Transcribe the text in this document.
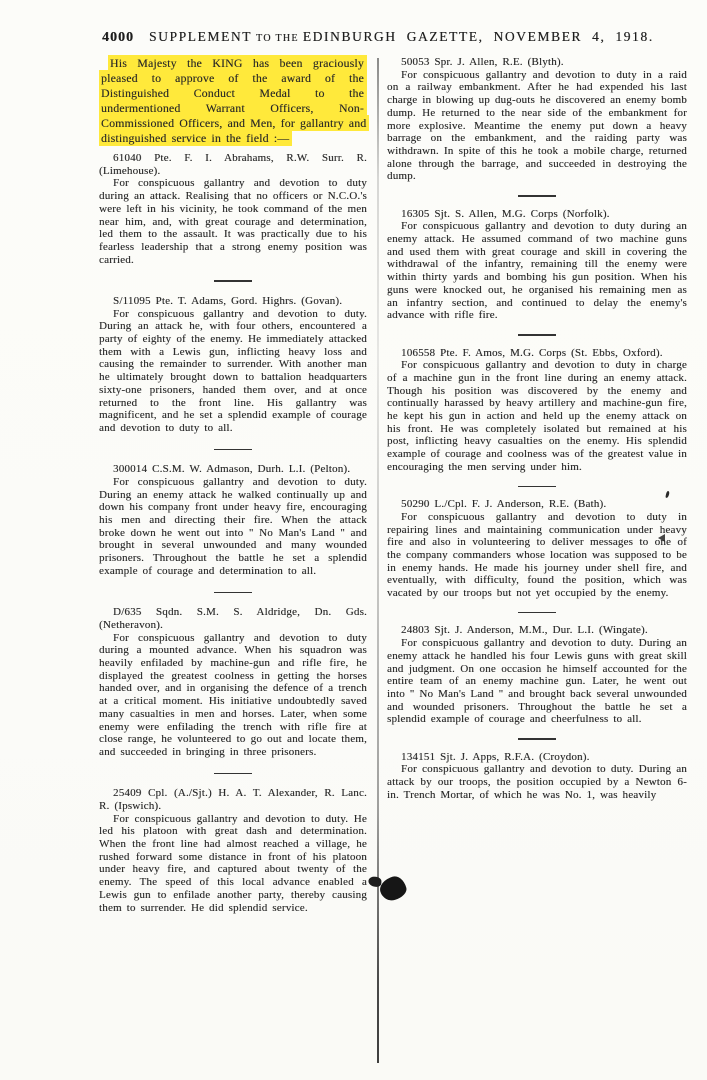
4000 SUPPLEMENT TO THE EDINBURGH GAZETTE, NOVEMBER 4, 1918.

His Majesty the KING has been graciously pleased to approve of the award of the Distinguished Conduct Medal to the undermentioned Warrant Officers, Non-Commissioned Officers, and Men, for gallantry and distinguished service in the field :—

61040 Pte. F. I. Abrahams, R.W. Surr. R. (Limehouse).

For conspicuous gallantry and devotion to duty during an attack. Realising that no officers or N.C.O.'s were left in his vicinity, he took command of the men near him, and, with great courage and determination, led them to the assault. It was practically due to his fearless leadership that a strong enemy position was carried.

S/11095 Pte. T. Adams, Gord. Highrs. (Govan).

For conspicuous gallantry and devotion to duty. During an attack he, with four others, encountered a party of eighty of the enemy. He immediately attacked them with a Lewis gun, inflicting heavy loss and causing the remainder to surrender. With another man he ultimately brought down to battalion headquarters sixty-one prisoners, handed them over, and at once returned to the front line. His gallantry was magnificent, and he set a splendid example of courage and devotion to duty to all.

300014 C.S.M. W. Admason, Durh. L.I. (Pelton).

For conspicuous gallantry and devotion to duty. During an enemy attack he walked continually up and down his company front under heavy fire, encouraging his men and directing their fire. When the attack broke down he went out into " No Man's Land " and brought in several unwounded and many wounded prisoners. Throughout the battle he set a splendid example of courage and determination to all.

D/635 Sqdn. S.M. S. Aldridge, Dn. Gds. (Netheravon).

For conspicuous gallantry and devotion to duty during a mounted advance. When his squadron was heavily enfiladed by machine-gun and rifle fire, he displayed the greatest coolness in getting the horses handed over, and in organising the defence of a trench at a critical moment. His initiative undoubtedly saved many casualties in men and horses. Later, when some enemy were enfilading the trench with rifle fire at close range, he volunteered to go out and locate them, and succeeded in bringing in three prisoners.

25409 Cpl. (A./Sjt.) H. A. T. Alexander, R. Lanc. R. (Ipswich).

For conspicuous gallantry and devotion to duty. He led his platoon with great dash and determination. When the front line had almost reached a village, he rushed forward some distance in front of his platoon under heavy fire, and captured about twenty of the enemy. The speed of this local advance enabled a Lewis gun to enfilade another party, thereby causing them to surrender. He did splendid service.

50053 Spr. J. Allen, R.E. (Blyth).

For conspicuous gallantry and devotion to duty in a raid on a railway embankment. After he had expended his last charge in blowing up dug-outs he discovered an enemy bomb dump. He returned to the near side of the embankment for more explosive. Meantime the enemy put down a heavy barrage on the embankment, and the raiding party was withdrawn. In spite of this he took a mobile charge, returned alone through the barrage, and succeeded in destroying the dump.

16305 Sjt. S. Allen, M.G. Corps (Norfolk).

For conspicuous gallantry and devotion to duty during an enemy attack. He assumed command of two machine guns and used them with great courage and skill in covering the withdrawal of the infantry, remaining till the enemy were within thirty yards and bombing his gun position. When his guns were knocked out, he organised his remaining men as an infantry section, and continued to delay the enemy's advance with rifle fire.

106558 Pte. F. Amos, M.G. Corps (St. Ebbs, Oxford).

For conspicuous gallantry and devotion to duty in charge of a machine gun in the front line during an enemy attack. Though his position was discovered by the enemy and continually harassed by heavy artillery and machine-gun fire, he kept his gun in action and held up the enemy attack on his front. He was completely isolated but remained at his post, inflicting heavy casualties on the enemy. His splendid example of courage and coolness was of the greatest value in encouraging the men serving under him.

50290 L./Cpl. F. J. Anderson, R.E. (Bath).

For conspicuous gallantry and devotion to duty in repairing lines and maintaining communication under heavy fire and also in volunteering to deliver messages to one of the company commanders whose location was supposed to be in enemy hands. He made his journey under shell fire, and eventually, with difficulty, found the position, which was vacated by our troops but not yet occupied by the enemy.

24803 Sjt. J. Anderson, M.M., Dur. L.I. (Wingate).

For conspicuous gallantry and devotion to duty. During an enemy attack he handled his four Lewis guns with great skill and judgment. On one occasion he himself accounted for the entire team of an enemy machine gun. Later, he went out into " No Man's Land " and brought back several unwounded and wounded prisoners. Throughout the battle he set a splendid example of courage and cheerfulness to all.

134151 Sjt. J. Apps, R.F.A. (Croydon).

For conspicuous gallantry and devotion to duty. During an attack by our troops, the position occupied by a Newton 6-in. Trench Mortar, of which he was No. 1, was heavily
